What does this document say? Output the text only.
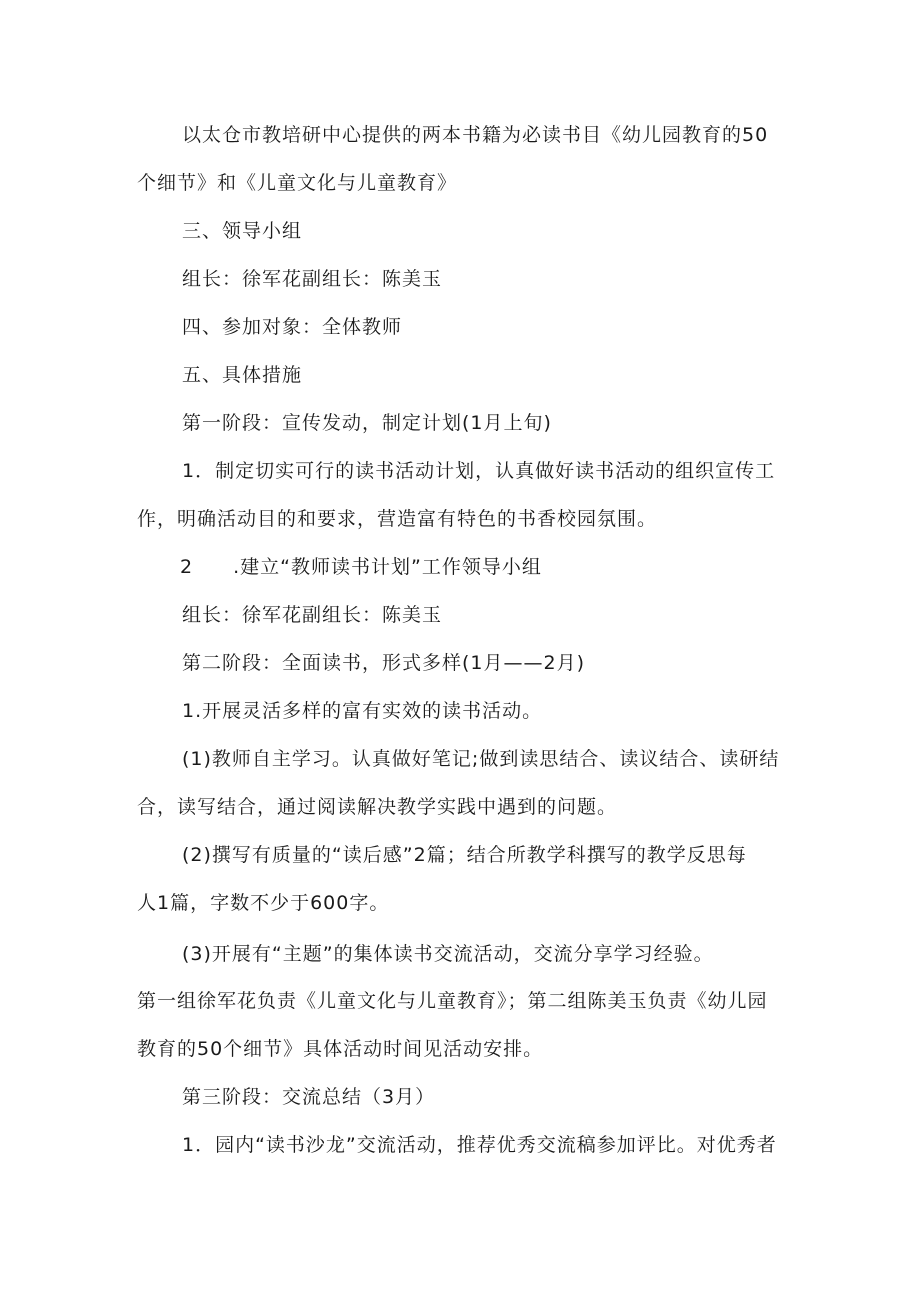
以太仓市教培研中心提供的两本书籍为必读书目《幼儿园教育的50
个细节》和《儿童文化与儿童教育》
三、领导小组
组长：徐军花副组长：陈美玉
四、参加对象：全体教师
五、具体措施
第一阶段：宣传发动，制定计划(1月上旬)
1．制定切实可行的读书活动计划，认真做好读书活动的组织宣传工
作，明确活动目的和要求，营造富有特色的书香校园氛围。
2　　.建立“教师读书计划”工作领导小组
组长：徐军花副组长：陈美玉
第二阶段：全面读书，形式多样(1月——2月)
1.开展灵活多样的富有实效的读书活动。
(1)教师自主学习。认真做好笔记;做到读思结合、读议结合、读研结
合，读写结合，通过阅读解决教学实践中遇到的问题。
(2)撰写有质量的“读后感”2篇；结合所教学科撰写的教学反思每
人1篇，字数不少于600字。
(3)开展有“主题”的集体读书交流活动，交流分享学习经验。
第一组徐军花负责《儿童文化与儿童教育》；第二组陈美玉负责《幼儿园
教育的50个细节》具体活动时间见活动安排。
第三阶段：交流总结（3月）
1．园内“读书沙龙”交流活动，推荐优秀交流稿参加评比。对优秀者
